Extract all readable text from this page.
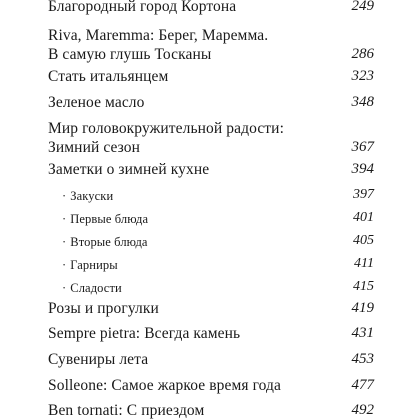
Благородный город Кортона	249
Riva, Maremma: Берег, Маремма.
В самую глушь Тосканы	286
Стать итальянцем	323
Зеленое масло	348
Мир головокружительной радости:
Зимний сезон	367
Заметки о зимней кухне	394
· Закуски	397
· Первые блюда	401
· Вторые блюда	405
· Гарниры	411
· Сладости	415
Розы и прогулки	419
Sempre pietra: Всегда камень	431
Сувениры лета	453
Solleone: Самое жаркое время года	477
Ben tornati: С приездом	492
